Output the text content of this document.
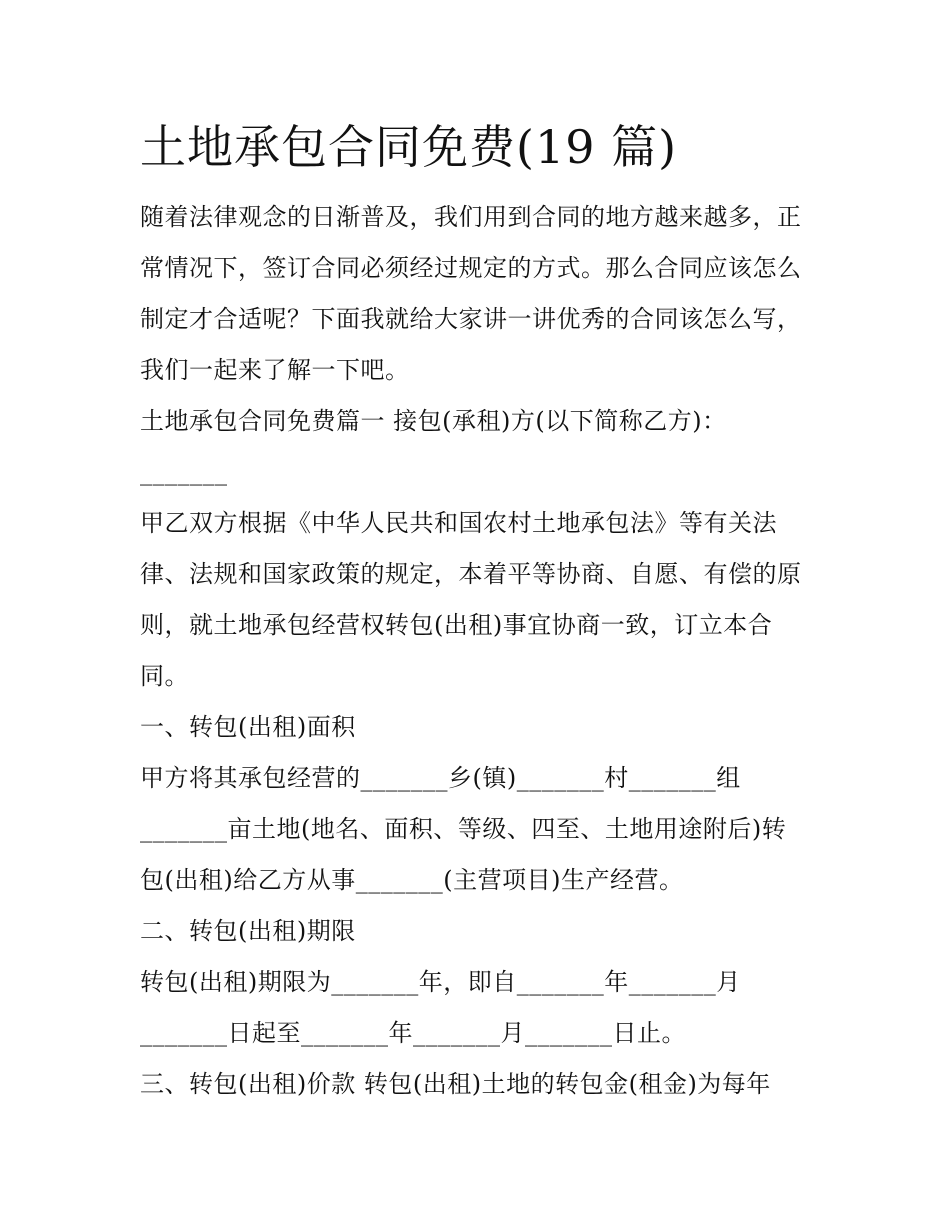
土地承包合同免费(19 篇)
随着法律观念的日渐普及，我们用到合同的地方越来越多，正
常情况下，签订合同必须经过规定的方式。那么合同应该怎么
制定才合适呢？下面我就给大家讲一讲优秀的合同该怎么写，
我们一起来了解一下吧。
土地承包合同免费篇一 接包(承租)方(以下简称乙方)：
_______
甲乙双方根据《中华人民共和国农村土地承包法》等有关法
律、法规和国家政策的规定，本着平等协商、自愿、有偿的原
则，就土地承包经营权转包(出租)事宜协商一致，订立本合
同。
一、转包(出租)面积
甲方将其承包经营的_______乡(镇)_______村_______组
_______亩土地(地名、面积、等级、四至、土地用途附后)转
包(出租)给乙方从事_______(主营项目)生产经营。
二、转包(出租)期限
转包(出租)期限为_______年，即自_______年_______月
_______日起至_______年_______月_______日止。
三、转包(出租)价款 转包(出租)土地的转包金(租金)为每年
